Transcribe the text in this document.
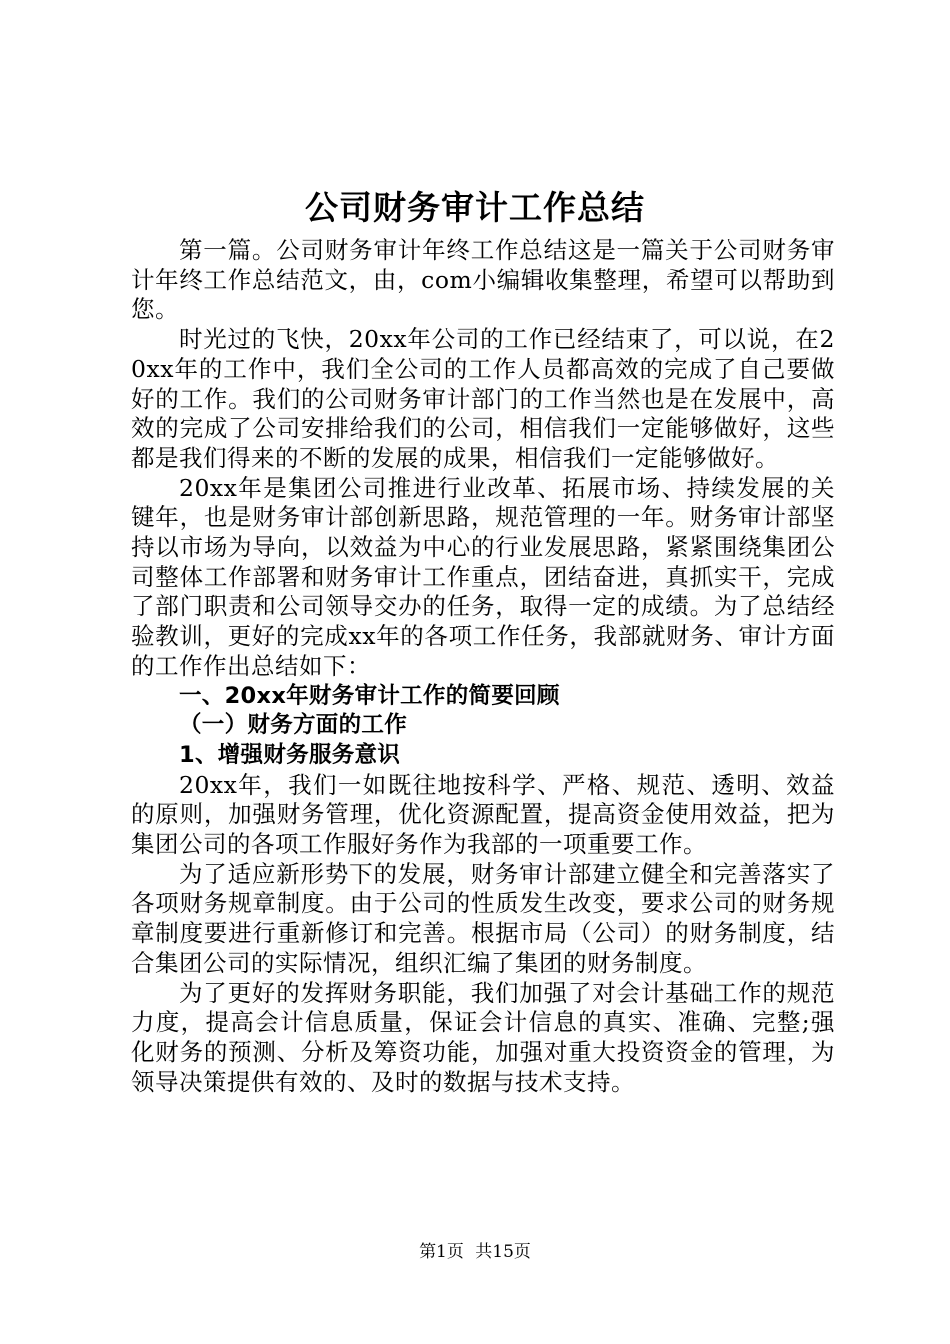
公司财务审计工作总结

第一篇。公司财务审计年终工作总结这是一篇关于公司财务审计年终工作总结范文，由，com小编辑收集整理，希望可以帮助到您。

时光过的飞快，20xx年公司的工作已经结束了，可以说，在20xx年的工作中，我们全公司的工作人员都高效的完成了自己要做好的工作。我们的公司财务审计部门的工作当然也是在发展中，高效的完成了公司安排给我们的公司，相信我们一定能够做好，这些都是我们得来的不断的发展的成果，相信我们一定能够做好。

20xx年是集团公司推进行业改革、拓展市场、持续发展的关键年，也是财务审计部创新思路，规范管理的一年。财务审计部坚持以市场为导向，以效益为中心的行业发展思路，紧紧围绕集团公司整体工作部署和财务审计工作重点，团结奋进，真抓实干，完成了部门职责和公司领导交办的任务，取得一定的成绩。为了总结经验教训，更好的完成xx年的各项工作任务，我部就财务、审计方面的工作作出总结如下：

一、20xx年财务审计工作的简要回顾

（一）财务方面的工作

1、增强财务服务意识

20xx年，我们一如既往地按科学、严格、规范、透明、效益的原则，加强财务管理，优化资源配置，提高资金使用效益，把为集团公司的各项工作服好务作为我部的一项重要工作。

为了适应新形势下的发展，财务审计部建立健全和完善落实了各项财务规章制度。由于公司的性质发生改变，要求公司的财务规章制度要进行重新修订和完善。根据市局（公司）的财务制度，结合集团公司的实际情况，组织汇编了集团的财务制度。

为了更好的发挥财务职能，我们加强了对会计基础工作的规范力度，提高会计信息质量，保证会计信息的真实、准确、完整;强化财务的预测、分析及筹资功能，加强对重大投资资金的管理，为领导决策提供有效的、及时的数据与技术支持。

第1页 共15页
